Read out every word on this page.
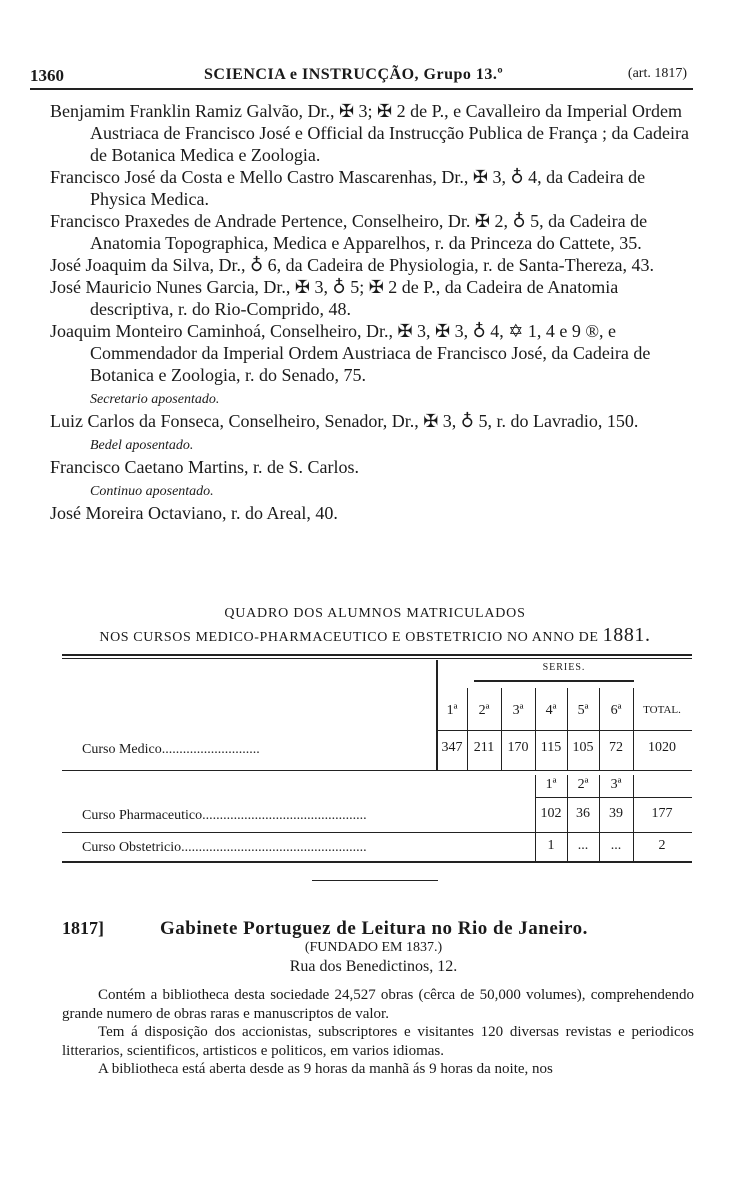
1360	SCIENCIA e INSTRUCÇÃO, Grupo 13.º	(art. 1817)

Benjamim Franklin Ramiz Galvão, Dr., ✠ 3; ✠ 2 de P., e Cavalleiro da Imperial Ordem Austriaca de Francisco José e Official da Instrucção Publica de França ; da Cadeira de Botanica Medica e Zoologia.

Francisco José da Costa e Mello Castro Mascarenhas, Dr., ✠ 3, ♁ 4, da Cadeira de Physica Medica.

Francisco Praxedes de Andrade Pertence, Conselheiro, Dr. ✠ 2, ♁ 5, da Cadeira de Anatomia Topographica, Medica e Apparelhos, r. da Princeza do Cattete, 35.

José Joaquim da Silva, Dr., ♁ 6, da Cadeira de Physiologia, r. de Santa-Thereza, 43.

José Mauricio Nunes Garcia, Dr., ✠ 3, ♁ 5; ✠ 2 de P., da Cadeira de Anatomia descriptiva, r. do Rio-Comprido, 48.

Joaquim Monteiro Caminhoá, Conselheiro, Dr., ✠ 3, ✠ 3, ♁ 4, ✡ 1, 4 e 9 ®, e Commendador da Imperial Ordem Austriaca de Francisco José, da Cadeira de Botanica e Zoologia, r. do Senado, 75.

Secretario aposentado.

Luiz Carlos da Fonseca, Conselheiro, Senador, Dr., ✠ 3, ♁ 5, r. do Lavradio, 150.

Bedel aposentado.

Francisco Caetano Martins, r. de S. Carlos.

Continuo aposentado.

José Moreira Octaviano, r. do Areal, 40.

QUADRO DOS ALUMNOS MATRICULADOS
NOS CURSOS MEDICO-PHARMACEUTICO E OBSTETRICIO NO ANNO DE 1881.
SERIES.
1ª	2ª	3ª	4ª	5ª	6ª	TOTAL.
Curso Medico............................	347 211 170 115 105	72	1020
1ª	2ª	3ª
Curso Pharmaceutico...............................................	102	36	39	177
Curso Obstetricio.....................................................	1	...	...	2
1817]	Gabinete Portuguez de Leitura no Rio de Janeiro.
(FUNDADO EM 1837.)
Rua dos Benedictinos, 12.
Contém a bibliotheca desta sociedade 24,527 obras (cêrca de 50,000 volumes), comprehendendo grande numero de obras raras e manuscriptos de valor.
Tem á disposição dos accionistas, subscriptores e visitantes 120 diversas revistas e periodicos litterarios, scientificos, artisticos e politicos, em varios idiomas.
A bibliotheca está aberta desde as 9 horas da manhã ás 9 horas da noite, nos
